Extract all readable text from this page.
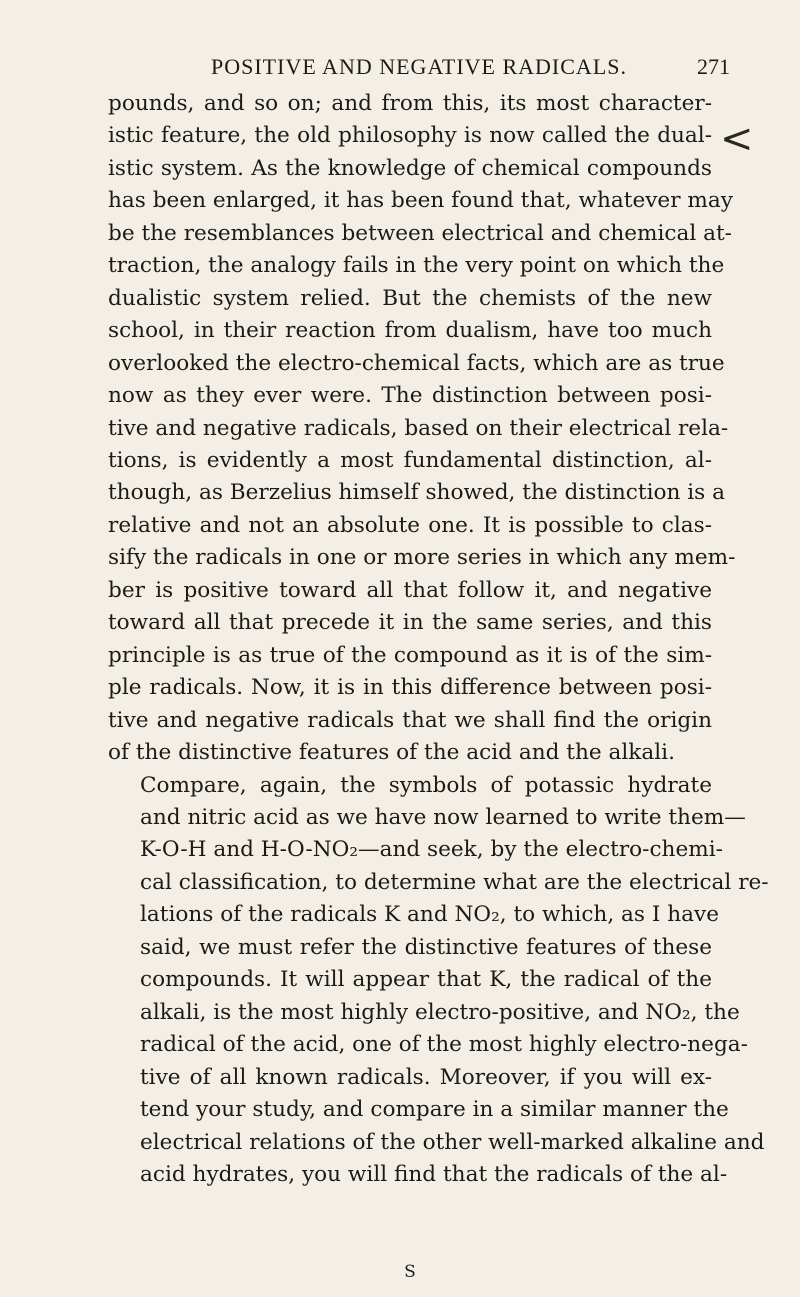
POSITIVE AND NEGATIVE RADICALS.	271
<

pounds, and so on; and from this, its most character-
istic feature, the old philosophy is now called the dual-
istic system. As the knowledge of chemical compounds
has been enlarged, it has been found that, whatever may
be the resemblances between electrical and chemical at-
traction, the analogy fails in the very point on which the
dualistic system relied. But the chemists of the new
school, in their reaction from dualism, have too much
overlooked the electro-chemical facts, which are as true
now as they ever were. The distinction between posi-
tive and negative radicals, based on their electrical rela-
tions, is evidently a most fundamental distinction, al-
though, as Berzelius himself showed, the distinction is a
relative and not an absolute one. It is possible to clas-
sify the radicals in one or more series in which any mem-
ber is positive toward all that follow it, and negative
toward all that precede it in the same series, and this
principle is as true of the compound as it is of the sim-
ple radicals. Now, it is in this difference between posi-
tive and negative radicals that we shall find the origin
of the distinctive features of the acid and the alkali.

Compare, again, the symbols of potassic hydrate
and nitric acid as we have now learned to write them—
K-O-H and H-O-NO₂—and seek, by the electro-chemi-
cal classification, to determine what are the electrical re-
lations of the radicals K and NO₂, to which, as I have
said, we must refer the distinctive features of these
compounds. It will appear that K, the radical of the
alkali, is the most highly electro-positive, and NO₂, the
radical of the acid, one of the most highly electro-nega-
tive of all known radicals. Moreover, if you will ex-
tend your study, and compare in a similar manner the
electrical relations of the other well-marked alkaline and
acid hydrates, you will find that the radicals of the al-

S
